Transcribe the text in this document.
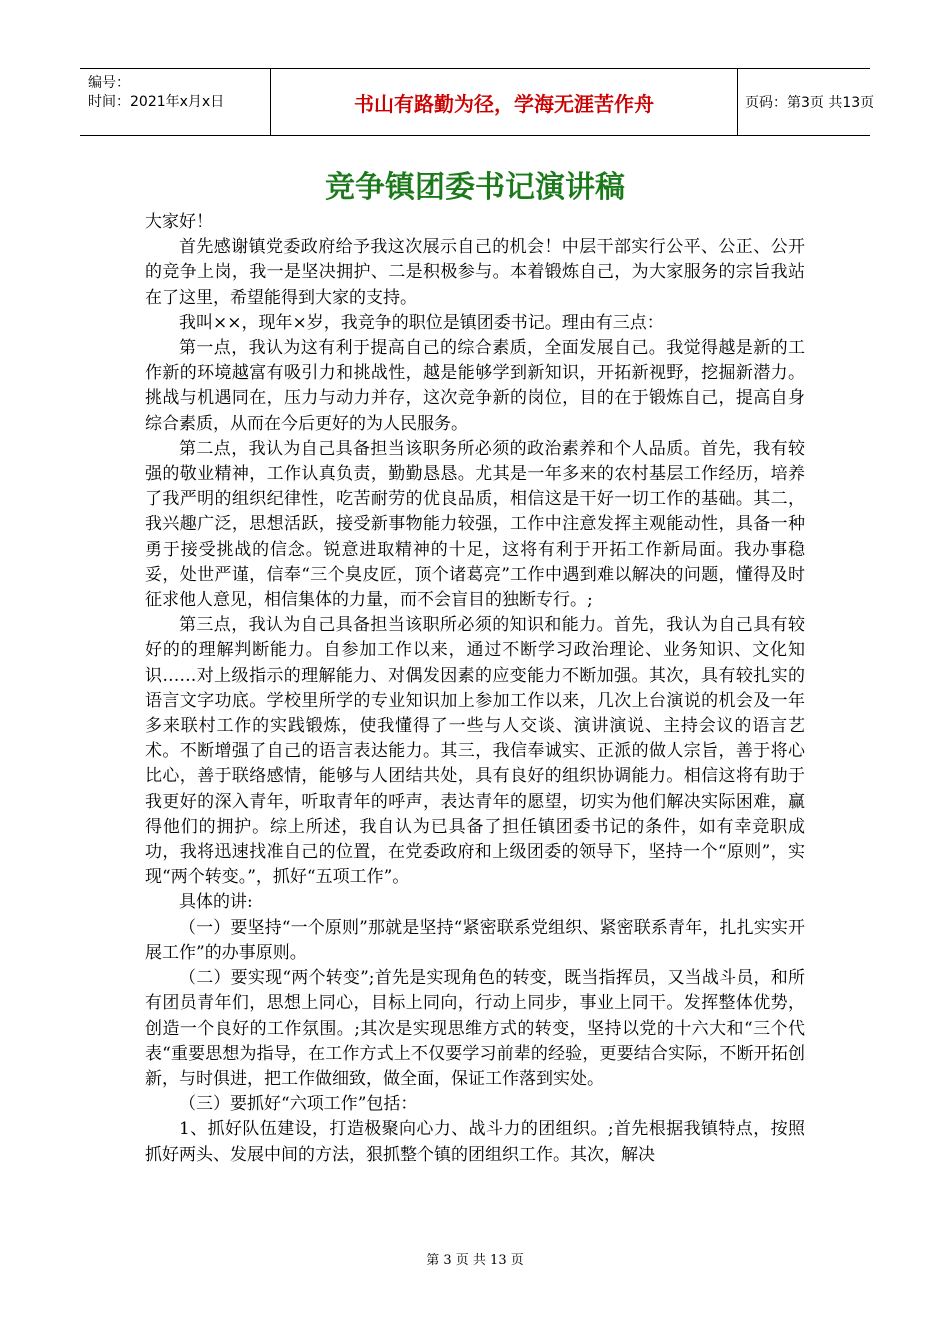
编号：
时间：2021年x月x日	书山有路勤为径，学海无涯苦作舟	页码：第3页 共13页
竞争镇团委书记演讲稿

大家好！

首先感谢镇党委政府给予我这次展示自己的机会！中层干部实行公平、公正、公开的竞争上岗，我一是坚决拥护、二是积极参与。本着锻炼自己，为大家服务的宗旨我站在了这里，希望能得到大家的支持。

我叫××，现年×岁，我竞争的职位是镇团委书记。理由有三点：

第一点，我认为这有利于提高自己的综合素质，全面发展自己。我觉得越是新的工作新的环境越富有吸引力和挑战性，越是能够学到新知识，开拓新视野，挖掘新潜力。挑战与机遇同在，压力与动力并存，这次竞争新的岗位，目的在于锻炼自己，提高自身综合素质，从而在今后更好的为人民服务。

第二点，我认为自己具备担当该职务所必须的政治素养和个人品质。首先，我有较强的敬业精神，工作认真负责，勤勤恳恳。尤其是一年多来的农村基层工作经历，培养了我严明的组织纪律性，吃苦耐劳的优良品质，相信这是干好一切工作的基础。其二，我兴趣广泛，思想活跃，接受新事物能力较强，工作中注意发挥主观能动性，具备一种勇于接受挑战的信念。锐意进取精神的十足，这将有利于开拓工作新局面。我办事稳妥，处世严谨，信奉“三个臭皮匠，顶个诸葛亮”工作中遇到难以解决的问题，懂得及时征求他人意见，相信集体的力量，而不会盲目的独断专行。;

第三点，我认为自己具备担当该职所必须的知识和能力。首先，我认为自己具有较好的的理解判断能力。自参加工作以来，通过不断学习政治理论、业务知识、文化知识……对上级指示的理解能力、对偶发因素的应变能力不断加强。其次，具有较扎实的语言文字功底。学校里所学的专业知识加上参加工作以来，几次上台演说的机会及一年多来联村工作的实践锻炼，使我懂得了一些与人交谈、演讲演说、主持会议的语言艺术。不断增强了自己的语言表达能力。其三，我信奉诚实、正派的做人宗旨，善于将心比心，善于联络感情，能够与人团结共处，具有良好的组织协调能力。相信这将有助于我更好的深入青年，听取青年的呼声，表达青年的愿望，切实为他们解决实际困难，赢得他们的拥护。综上所述，我自认为已具备了担任镇团委书记的条件，如有幸竞职成功，我将迅速找准自己的位置，在党委政府和上级团委的领导下，坚持一个“原则”，实现“两个转变。”，抓好“五项工作”。

具体的讲:

（一）要坚持“一个原则”那就是坚持“紧密联系党组织、紧密联系青年，扎扎实实开展工作”的办事原则。

（二）要实现“两个转变”;首先是实现角色的转变，既当指挥员，又当战斗员，和所有团员青年们，思想上同心，目标上同向，行动上同步，事业上同干。发挥整体优势，创造一个良好的工作氛围。;其次是实现思维方式的转变，坚持以党的十六大和“三个代表“重要思想为指导，在工作方式上不仅要学习前辈的经验，更要结合实际，不断开拓创新，与时俱进，把工作做细致，做全面，保证工作落到实处。

（三）要抓好“六项工作”包括：

1、抓好队伍建设，打造极聚向心力、战斗力的团组织。;首先根据我镇特点，按照抓好两头、发展中间的方法，狠抓整个镇的团组织工作。其次，解决

第 3 页 共 13 页
